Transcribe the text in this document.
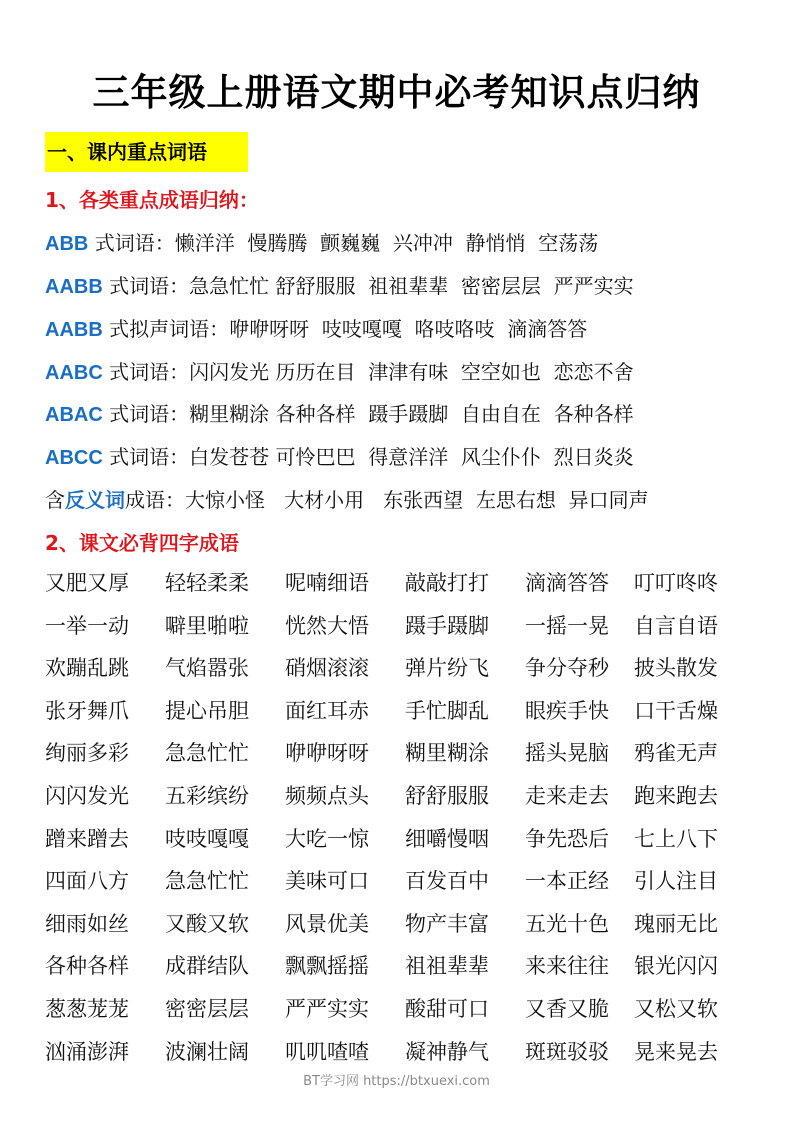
三年级上册语文期中必考知识点归纳
一、课内重点词语
1、各类重点成语归纳：
ABB 式词语：懒洋洋  慢腾腾  颤巍巍  兴冲冲  静悄悄  空荡荡
AABB 式词语：急急忙忙 舒舒服服  祖祖辈辈  密密层层  严严实实
AABB 式拟声词语：咿咿呀呀  吱吱嘎嘎  咯吱咯吱  滴滴答答
AABC 式词语：闪闪发光 历历在目  津津有味  空空如也  恋恋不舍
ABAC 式词语：糊里糊涂 各种各样  蹑手蹑脚  自由自在  各种各样
ABCC 式词语：白发苍苍 可怜巴巴  得意洋洋  风尘仆仆  烈日炎炎
含反义词成语：大惊小怪   大材小用   东张西望  左思右想  异口同声
2、课文必背四字成语
又肥又厚 轻轻柔柔 呢喃细语 敲敲打打 滴滴答答 叮叮咚咚
一举一动 噼里啪啦 恍然大悟 蹑手蹑脚 一摇一晃 自言自语
欢蹦乱跳 气焰嚣张 硝烟滚滚 弹片纷飞 争分夺秒 披头散发
张牙舞爪 提心吊胆 面红耳赤 手忙脚乱 眼疾手快 口干舌燥
绚丽多彩 急急忙忙 咿咿呀呀 糊里糊涂 摇头晃脑 鸦雀无声
闪闪发光 五彩缤纷 频频点头 舒舒服服 走来走去 跑来跑去
蹭来蹭去 吱吱嘎嘎 大吃一惊 细嚼慢咽 争先恐后 七上八下
四面八方 急急忙忙 美味可口 百发百中 一本正经 引人注目
细雨如丝 又酸又软 风景优美 物产丰富 五光十色 瑰丽无比
各种各样 成群结队 飘飘摇摇 祖祖辈辈 来来往往 银光闪闪
葱葱茏茏 密密层层 严严实实 酸甜可口 又香又脆 又松又软
汹涌澎湃 波澜壮阔 叽叽喳喳 凝神静气 斑斑驳驳 晃来晃去
BT学习网 https://btxuexi.com
